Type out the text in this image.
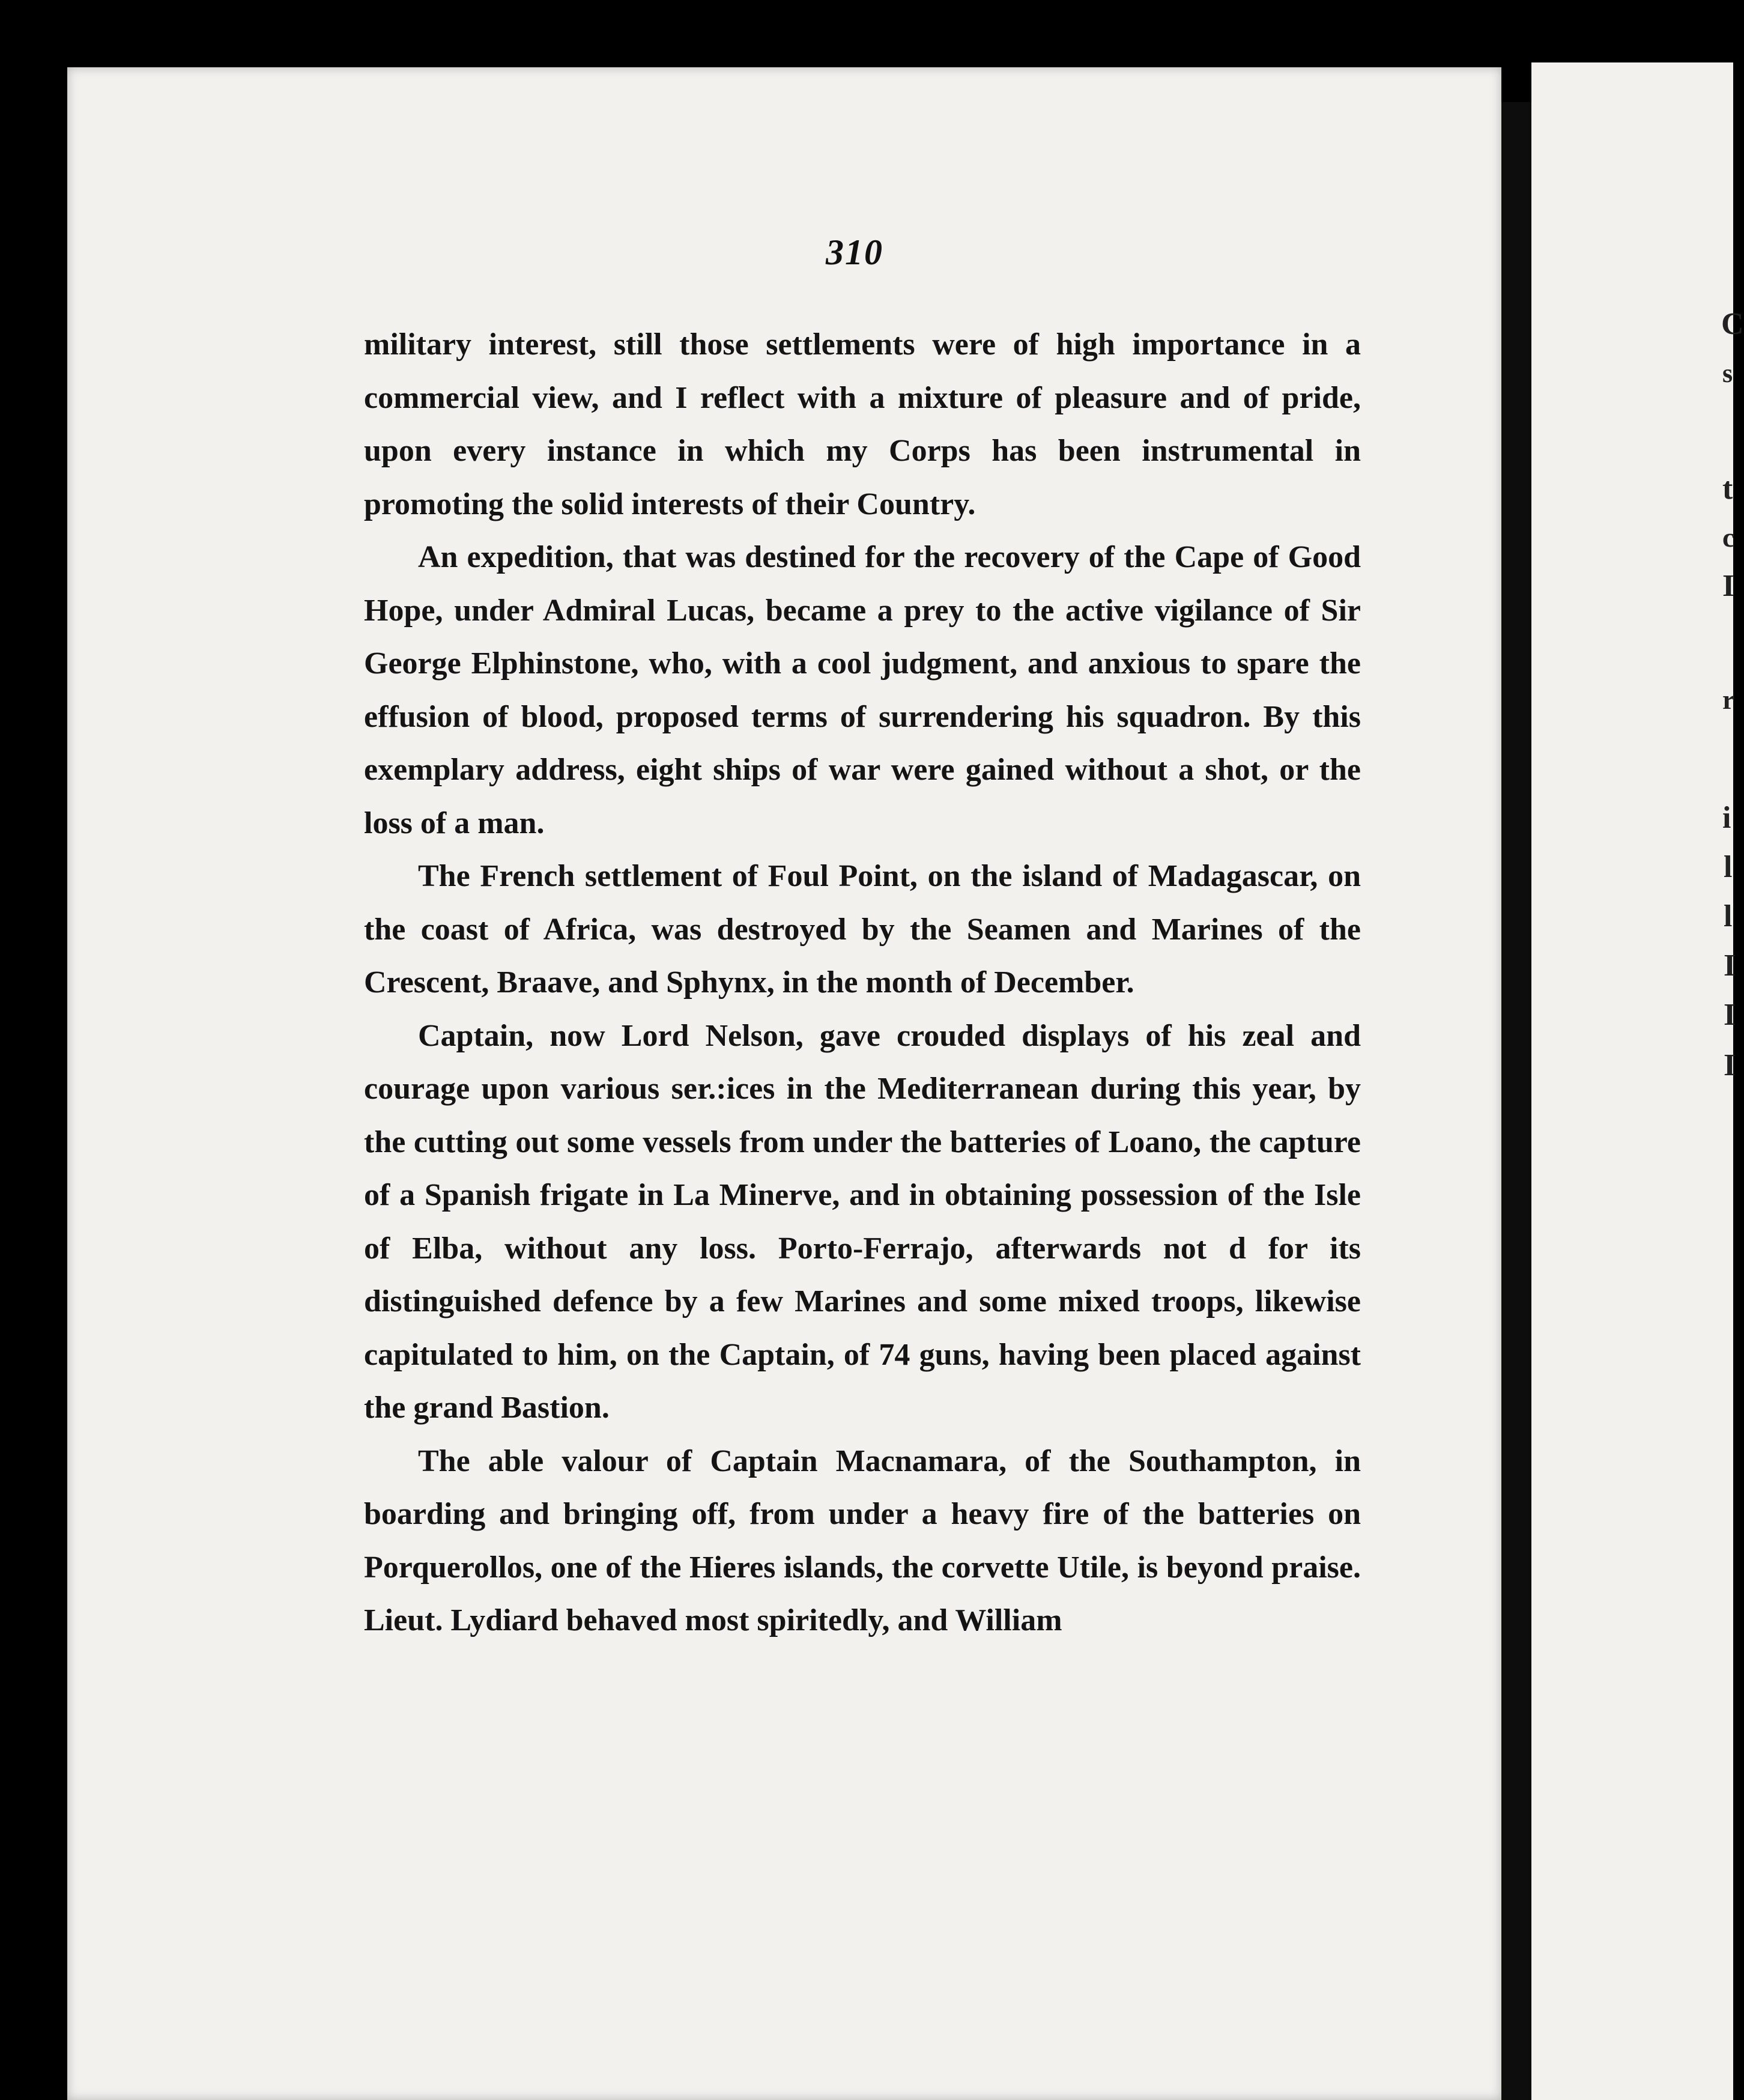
C
s
t
c
I
r
i
l
l
I
I
I
310

military interest, still those settlements were of high importance in a commercial view, and I reflect with a mixture of pleasure and of pride, upon every instance in which my Corps has been instrumental in promoting the solid interests of their Country.

An expedition, that was destined for the recovery of the Cape of Good Hope, under Admiral Lucas, became a prey to the active vigilance of Sir George Elphinstone, who, with a cool judgment, and anxious to spare the effusion of blood, proposed terms of surrendering his squadron. By this exemplary address, eight ships of war were gained without a shot, or the loss of a man.

The French settlement of Foul Point, on the island of Madagascar, on the coast of Africa, was destroyed by the Seamen and Marines of the Crescent, Braave, and Sphynx, in the month of December.

Captain, now Lord Nelson, gave crouded displays of his zeal and courage upon various ser.:ices in the Mediterranean during this year, by the cutting out some vessels from under the batteries of Loano, the capture of a Spanish frigate in La Minerve, and in obtaining possession of the Isle of Elba, without any loss. Porto-Ferrajo, afterwards not d for its distinguished defence by a few Marines and some mixed troops, likewise capitulated to him, on the Captain, of 74 guns, having been placed against the grand Bastion.

The able valour of Captain Macnamara, of the Southampton, in boarding and bringing off, from under a heavy fire of the batteries on Porquerollos, one of the Hieres islands, the corvette Utile, is beyond praise. Lieut. Lydiard behaved most spiritedly, and William
